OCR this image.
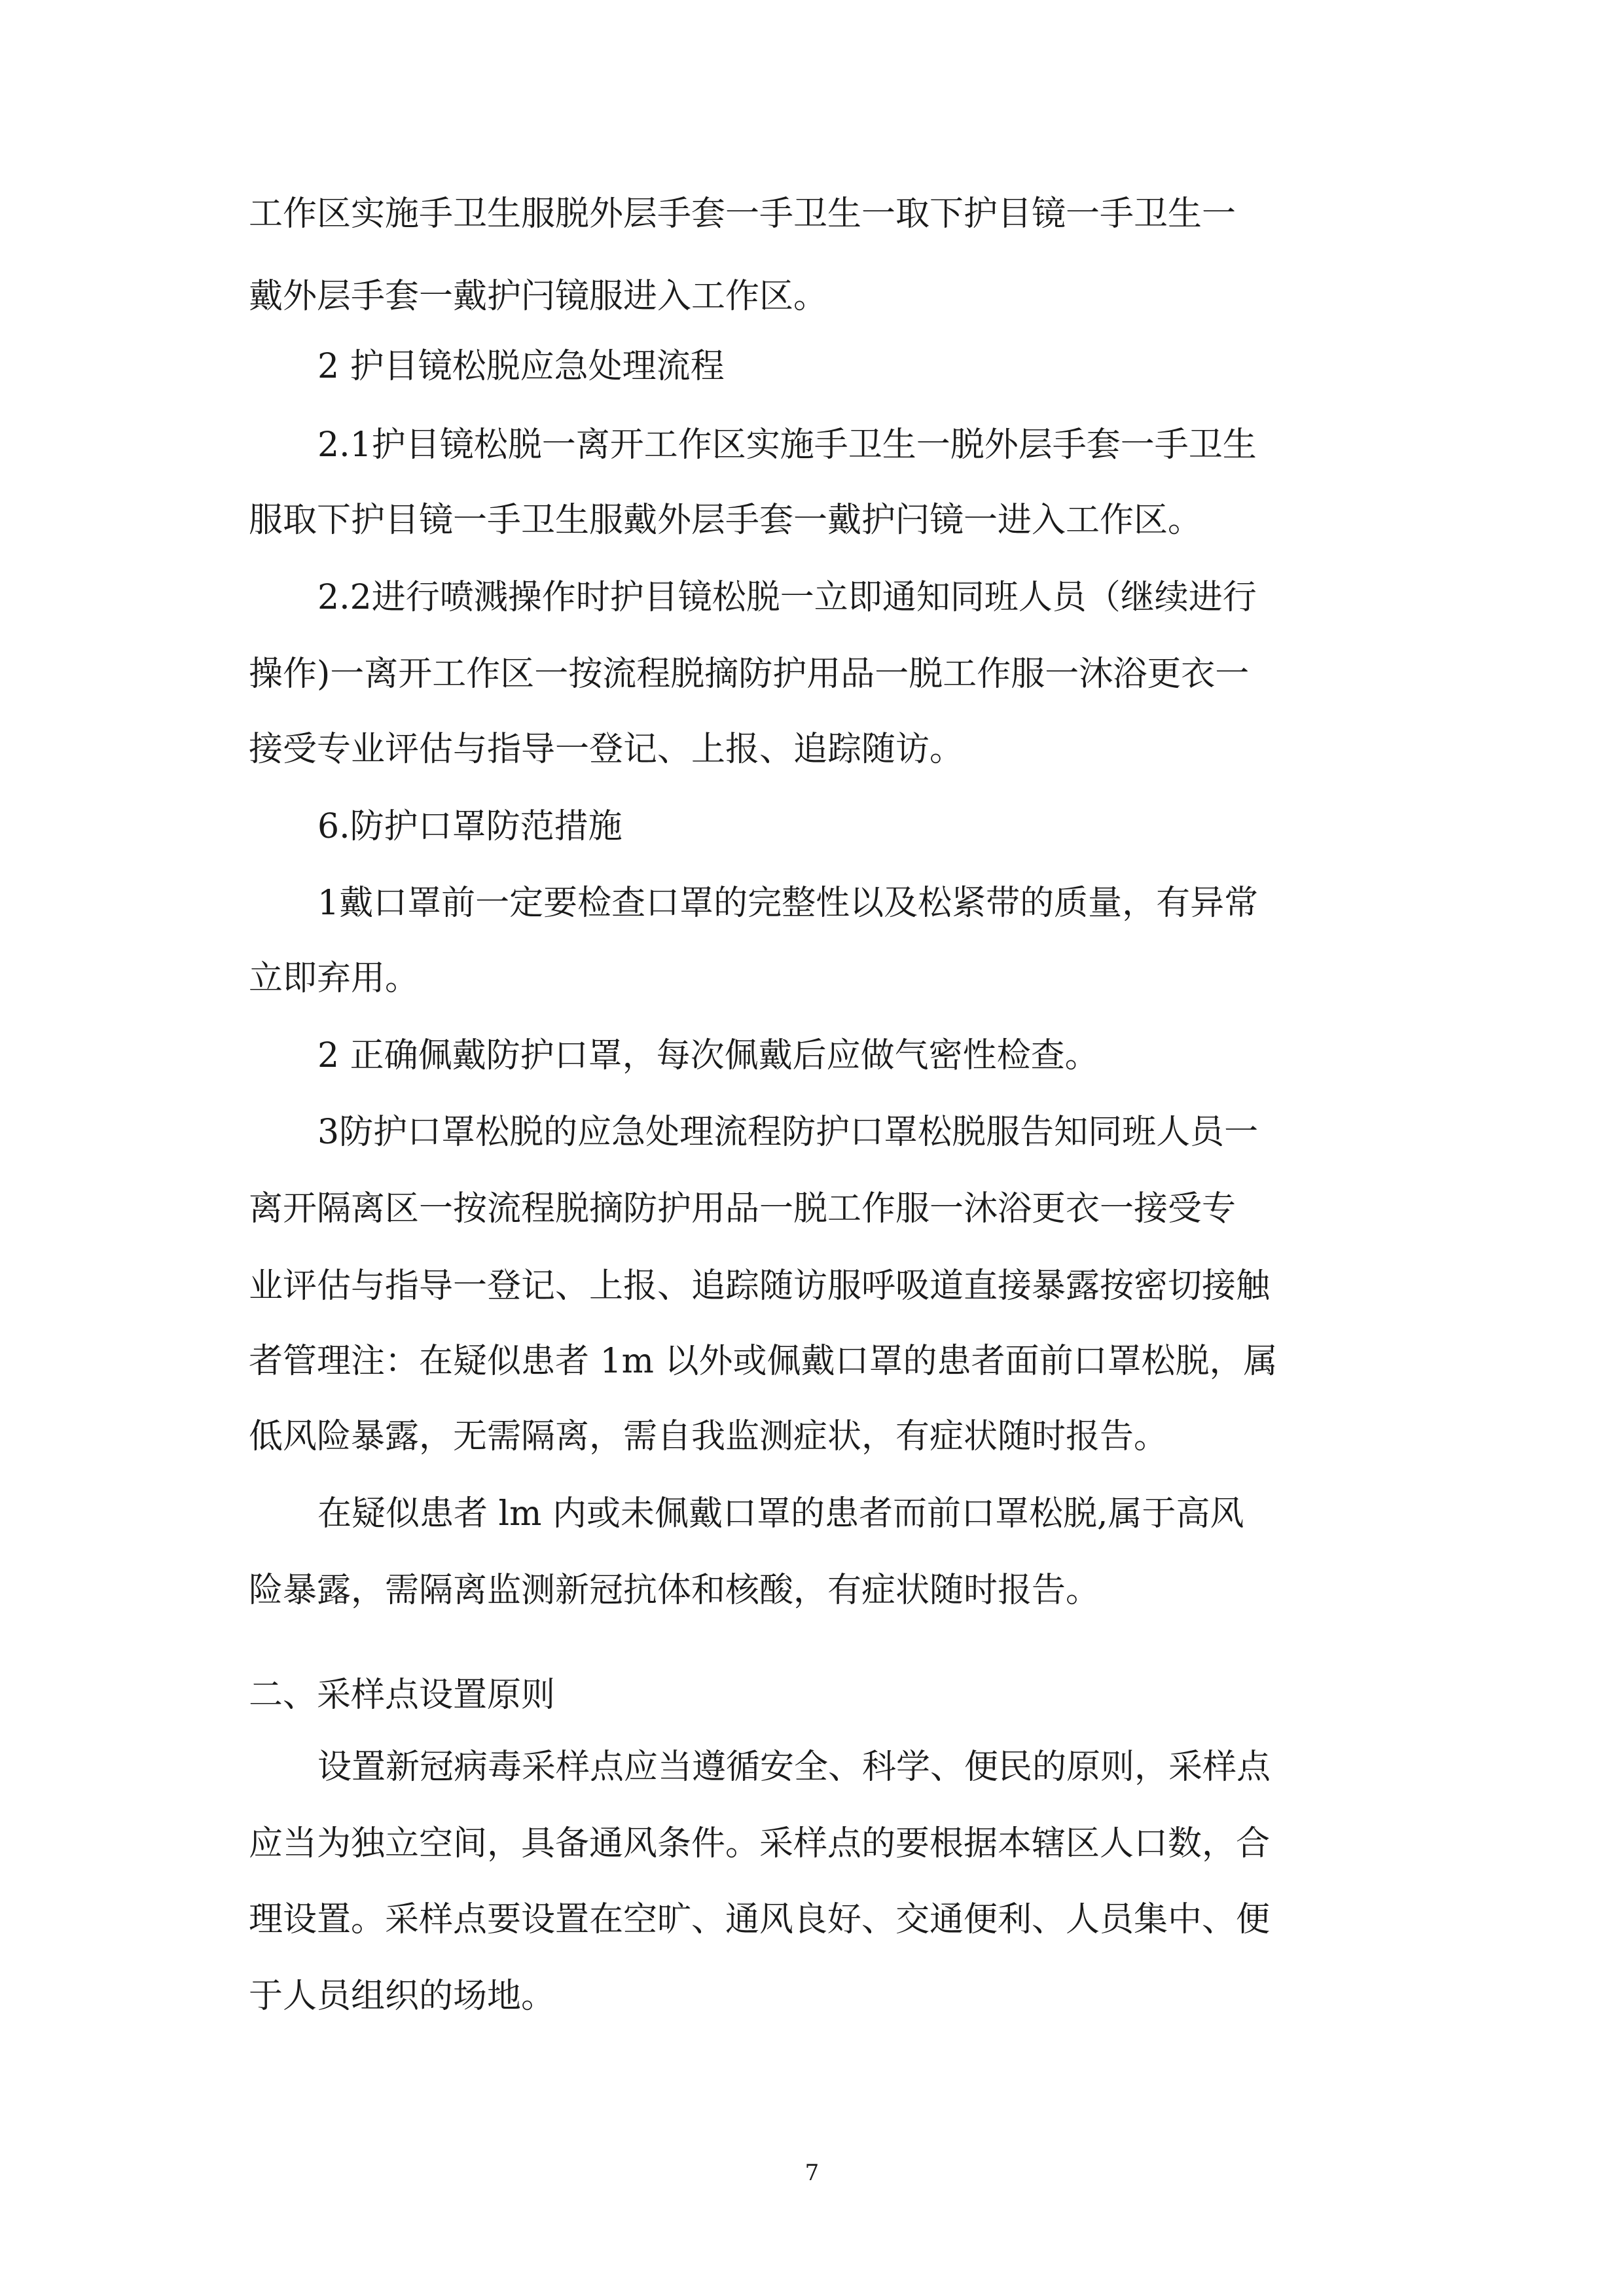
工作区实施手卫生服脱外层手套一手卫生一取下护目镜一手卫生一
戴外层手套一戴护闩镜服进入工作区。
2 护目镜松脱应急处理流程
2.1护目镜松脱一离开工作区实施手卫生一脱外层手套一手卫生
服取下护目镜一手卫生服戴外层手套一戴护闩镜一进入工作区。
2.2进行喷溅操作时护目镜松脱一立即通知同班人员（继续进行
操作)一离开工作区一按流程脱摘防护用品一脱工作服一沐浴更衣一
接受专业评估与指导一登记、上报、追踪随访。
6.防护口罩防范措施
1戴口罩前一定要检查口罩的完整性以及松紧带的质量，有异常
立即弃用。
2 正确佩戴防护口罩，每次佩戴后应做气密性检查。
3防护口罩松脱的应急处理流程防护口罩松脱服告知同班人员一
离开隔离区一按流程脱摘防护用品一脱工作服一沐浴更衣一接受专
业评估与指导一登记、上报、追踪随访服呼吸道直接暴露按密切接触
者管理注：在疑似患者 1m 以外或佩戴口罩的患者面前口罩松脱，属
低风险暴露，无需隔离，需自我监测症状，有症状随时报告。
在疑似患者 lm 内或未佩戴口罩的患者而前口罩松脱,属于高风
险暴露，需隔离监测新冠抗体和核酸，有症状随时报告。
二、采样点设置原则
设置新冠病毒采样点应当遵循安全、科学、便民的原则，采样点
应当为独立空间，具备通风条件。采样点的要根据本辖区人口数，合
理设置。采样点要设置在空旷、通风良好、交通便利、人员集中、便
于人员组织的场地。
7
